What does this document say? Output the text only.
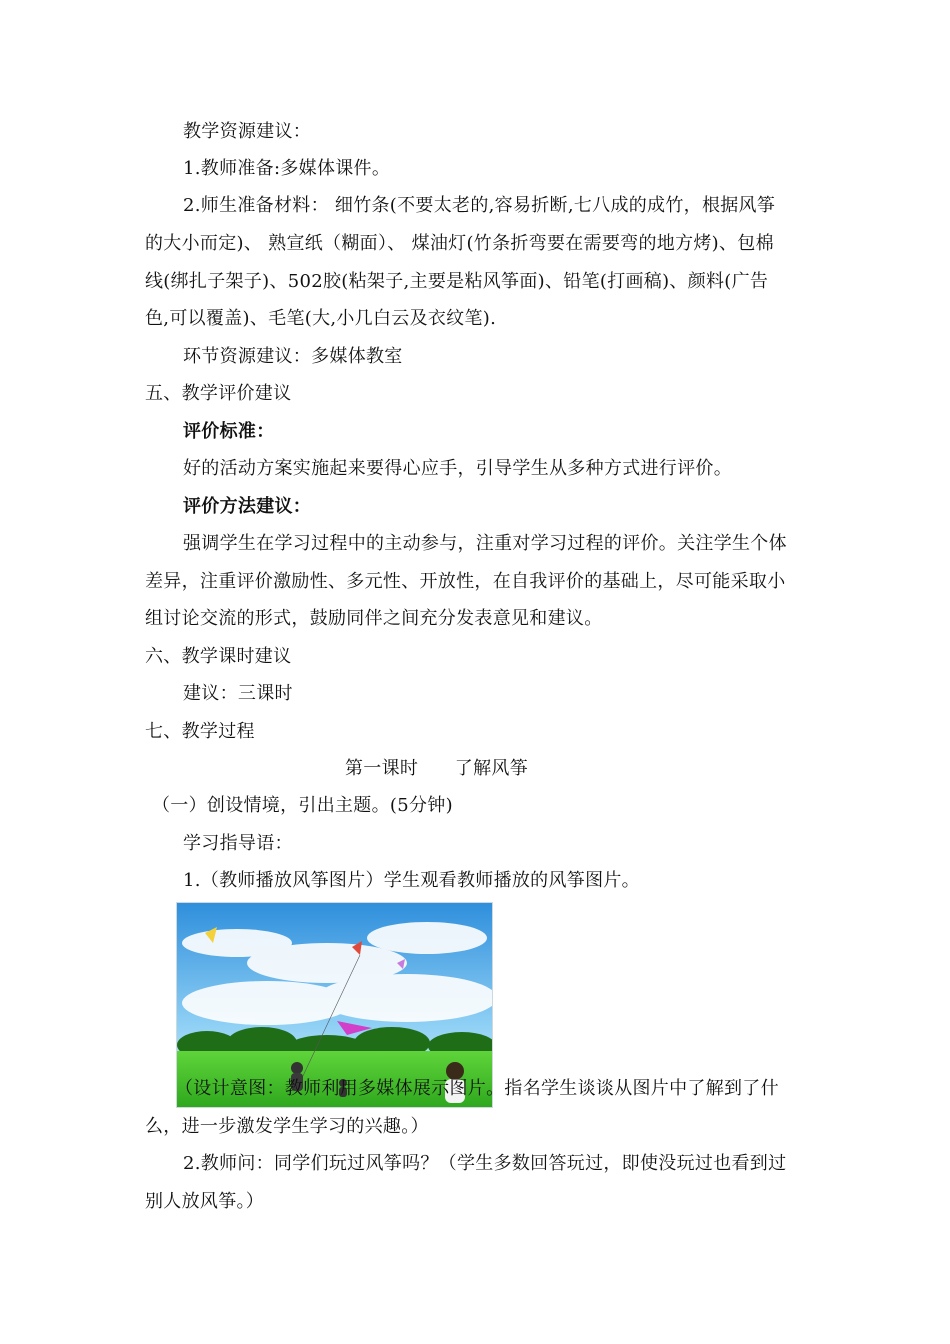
教学资源建议：
1.教师准备:多媒体课件。
2.师生准备材料： 细竹条(不要太老的,容易折断,七八成的成竹，根据风筝
的大小而定)、 熟宣纸（糊面）、 煤油灯(竹条折弯要在需要弯的地方烤)、包棉
线(绑扎子架子)、502胶(粘架子,主要是粘风筝面)、铅笔(打画稿)、颜料(广告
色,可以覆盖)、毛笔(大,小几白云及衣纹笔).
环节资源建议：多媒体教室
五、教学评价建议
评价标准：
好的活动方案实施起来要得心应手，引导学生从多种方式进行评价。
评价方法建议：
强调学生在学习过程中的主动参与，注重对学习过程的评价。关注学生个体
差异，注重评价激励性、多元性、开放性，在自我评价的基础上，尽可能采取小
组讨论交流的形式，鼓励同伴之间充分发表意见和建议。
六、教学课时建议
建议：三课时
七、教学过程
第一课时　　了解风筝
（一）创设情境，引出主题。(5分钟)
学习指导语：
1.（教师播放风筝图片）学生观看教师播放的风筝图片。
（设计意图：教师利用多媒体展示图片。指名学生谈谈从图片中了解到了什
么，进一步激发学生学习的兴趣。）
2.教师问：同学们玩过风筝吗？（学生多数回答玩过，即使没玩过也看到过
别人放风筝。）
